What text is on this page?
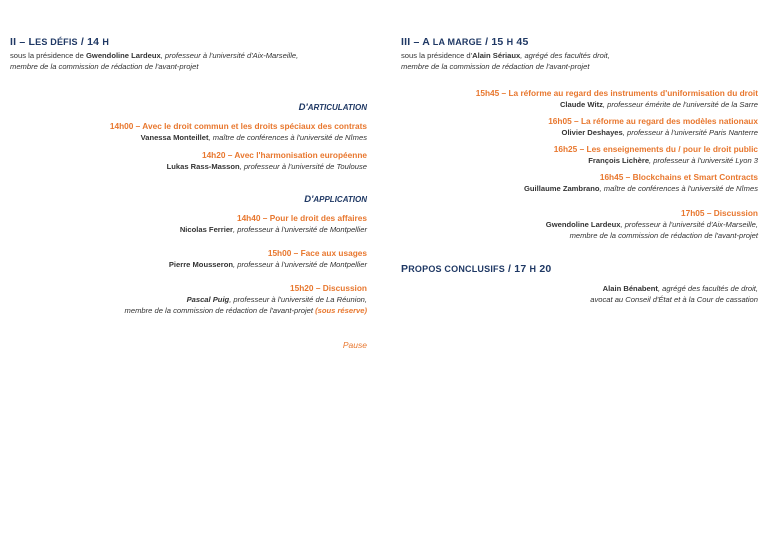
II – LES DÉFIS / 14 H
sous la présidence de Gwendoline Lardeux, professeur à l'université d'Aix-Marseille,
membre de la commission de rédaction de l'avant-projet
D'ARTICULATION
14h00 – Avec le droit commun et les droits spéciaux des contrats
Vanessa Monteillet, maître de conférences à l'université de Nîmes
14h20 – Avec l'harmonisation européenne
Lukas Rass-Masson, professeur à l'université de Toulouse
D'APPLICATION
14h40 – Pour le droit des affaires
Nicolas Ferrier, professeur à l'université de Montpellier
15h00 – Face aux usages
Pierre Mousseron, professeur à l'université de Montpellier
15h20 – Discussion
Pascal Puig, professeur à l'université de La Réunion,
membre de la commission de rédaction de l'avant-projet (sous réserve)
Pause
III – A LA MARGE / 15 H 45
sous la présidence d'Alain Sériaux, agrégé des facultés droit,
membre de la commission de rédaction de l'avant-projet
15h45 – La réforme au regard des instruments d'uniformisation du droit
Claude Witz, professeur émérite de l'université de la Sarre
16h05 – La réforme au regard des modèles nationaux
Olivier Deshayes, professeur à l'université Paris Nanterre
16h25 – Les enseignements du / pour le droit public
François Lichère, professeur à l'université Lyon 3
16h45 – Blockchains et Smart Contracts
Guillaume Zambrano, maître de conférences à l'université de Nîmes
17h05 – Discussion
Gwendoline Lardeux, professeur à l'université d'Aix-Marseille,
membre de la commission de rédaction de l'avant-projet
PROPOS CONCLUSIFS / 17 H 20
Alain Bénabent, agrégé des facultés de droit,
avocat au Conseil d'État et à la Cour de cassation
